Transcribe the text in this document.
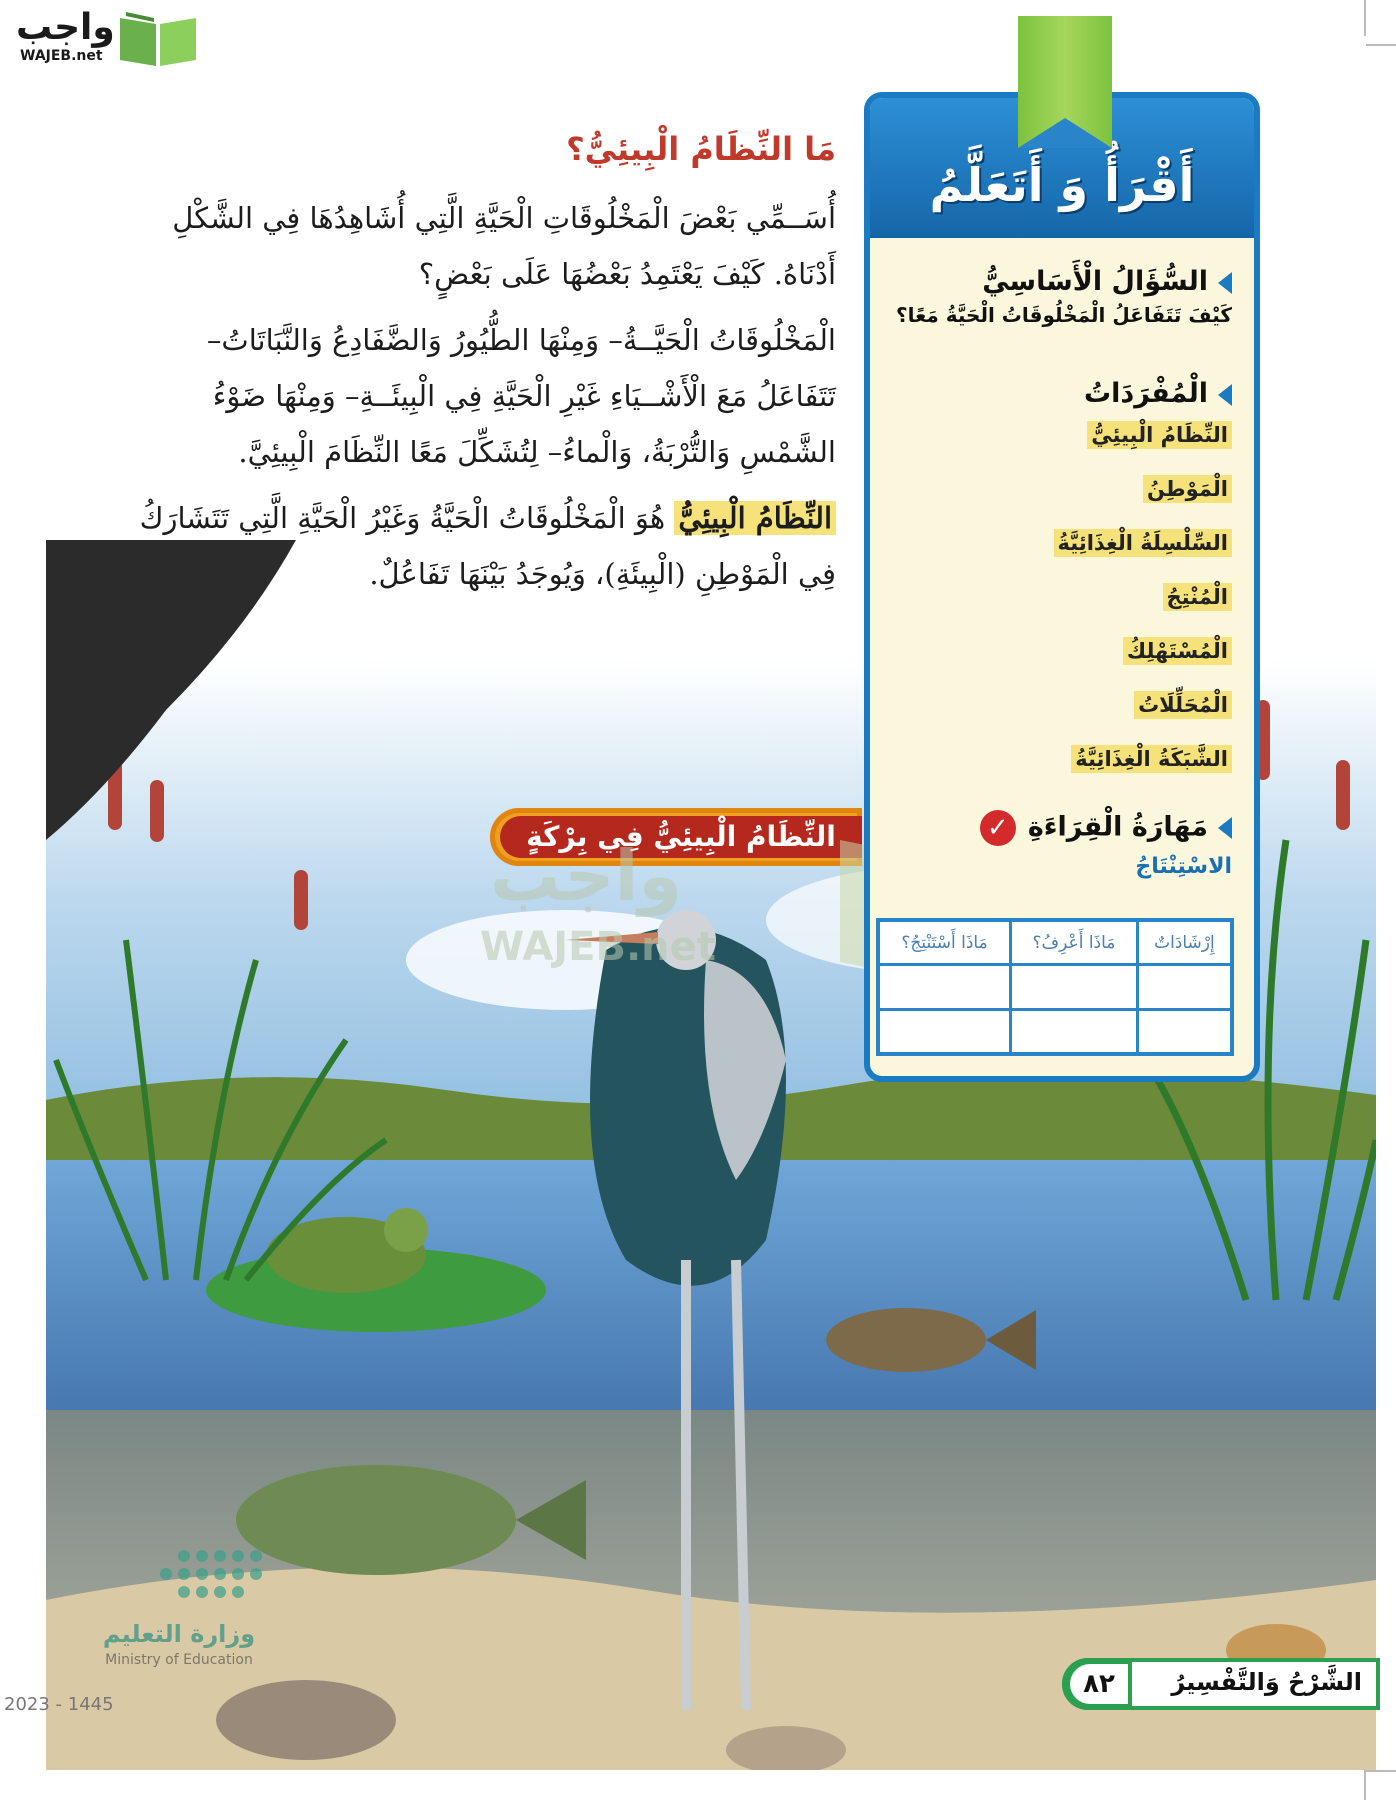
واجب
WAJEB.net
مَا النِّظَامُ الْبِيئِيُّ؟

أُسَــمِّي بَعْضَ الْمَخْلُوقَاتِ الْحَيَّةِ الَّتِي أُشَاهِدُهَا فِي الشَّكْلِ أَدْنَاهُ. كَيْفَ يَعْتَمِدُ بَعْضُهَا عَلَى بَعْضٍ؟

الْمَخْلُوقَاتُ الْحَيَّــةُ– وَمِنْهَا الطُّيُورُ وَالضَّفَادِعُ وَالنَّبَاتَاتُ– تَتَفَاعَلُ مَعَ الْأَشْــيَاءِ غَيْرِ الْحَيَّةِ فِي الْبِيئَــةِ– وَمِنْهَا ضَوْءُ الشَّمْسِ وَالتُّرْبَةُ، وَالْماءُ– لِتُشَكِّلَ مَعًا النِّظَامَ الْبِيئِيَّ.

النِّظَامُ الْبِيئِيُّ هُوَ الْمَخْلُوقَاتُ الْحَيَّةُ وَغَيْرُ الْحَيَّةِ الَّتِي تَتَشَارَكُ فِي الْمَوْطِنِ (الْبِيئَةِ)، وَيُوجَدُ بَيْنَهَا تَفَاعُلٌ.

النِّظَامُ الْبِيئِيُّ فِي بِرْكَةٍ
واجب
WAJEB.net
أَقْرَأُ وَ أَتَعَلَّمُ
السُّؤَالُ الْأَسَاسِيُّ
كَيْفَ تَتَفَاعَلُ الْمَخْلُوقَاتُ الْحَيَّةُ مَعًا؟
الْمُفْرَدَاتُ
النِّظَامُ الْبِيئِيُّ
الْمَوْطِنُ
السِّلْسِلَةُ الْغِذَائِيَّةُ
الْمُنْتِجُ
الْمُسْتَهْلِكُ
الْمُحَلِّلَاتُ
الشَّبَكَةُ الْغِذَائِيَّةُ
مَهَارَةُ الْقِرَاءَةِ✓
الاسْتِنْتَاجُ
إِرْشَادَاتٌ	مَاذَا أَعْرِفُ؟	مَاذَا أَسْتَنْتِجُ؟

وزارة التعليم
Ministry of Education
2023 - 1445
الشَّرْحُ وَالتَّفْسِيرُ
٨٢
